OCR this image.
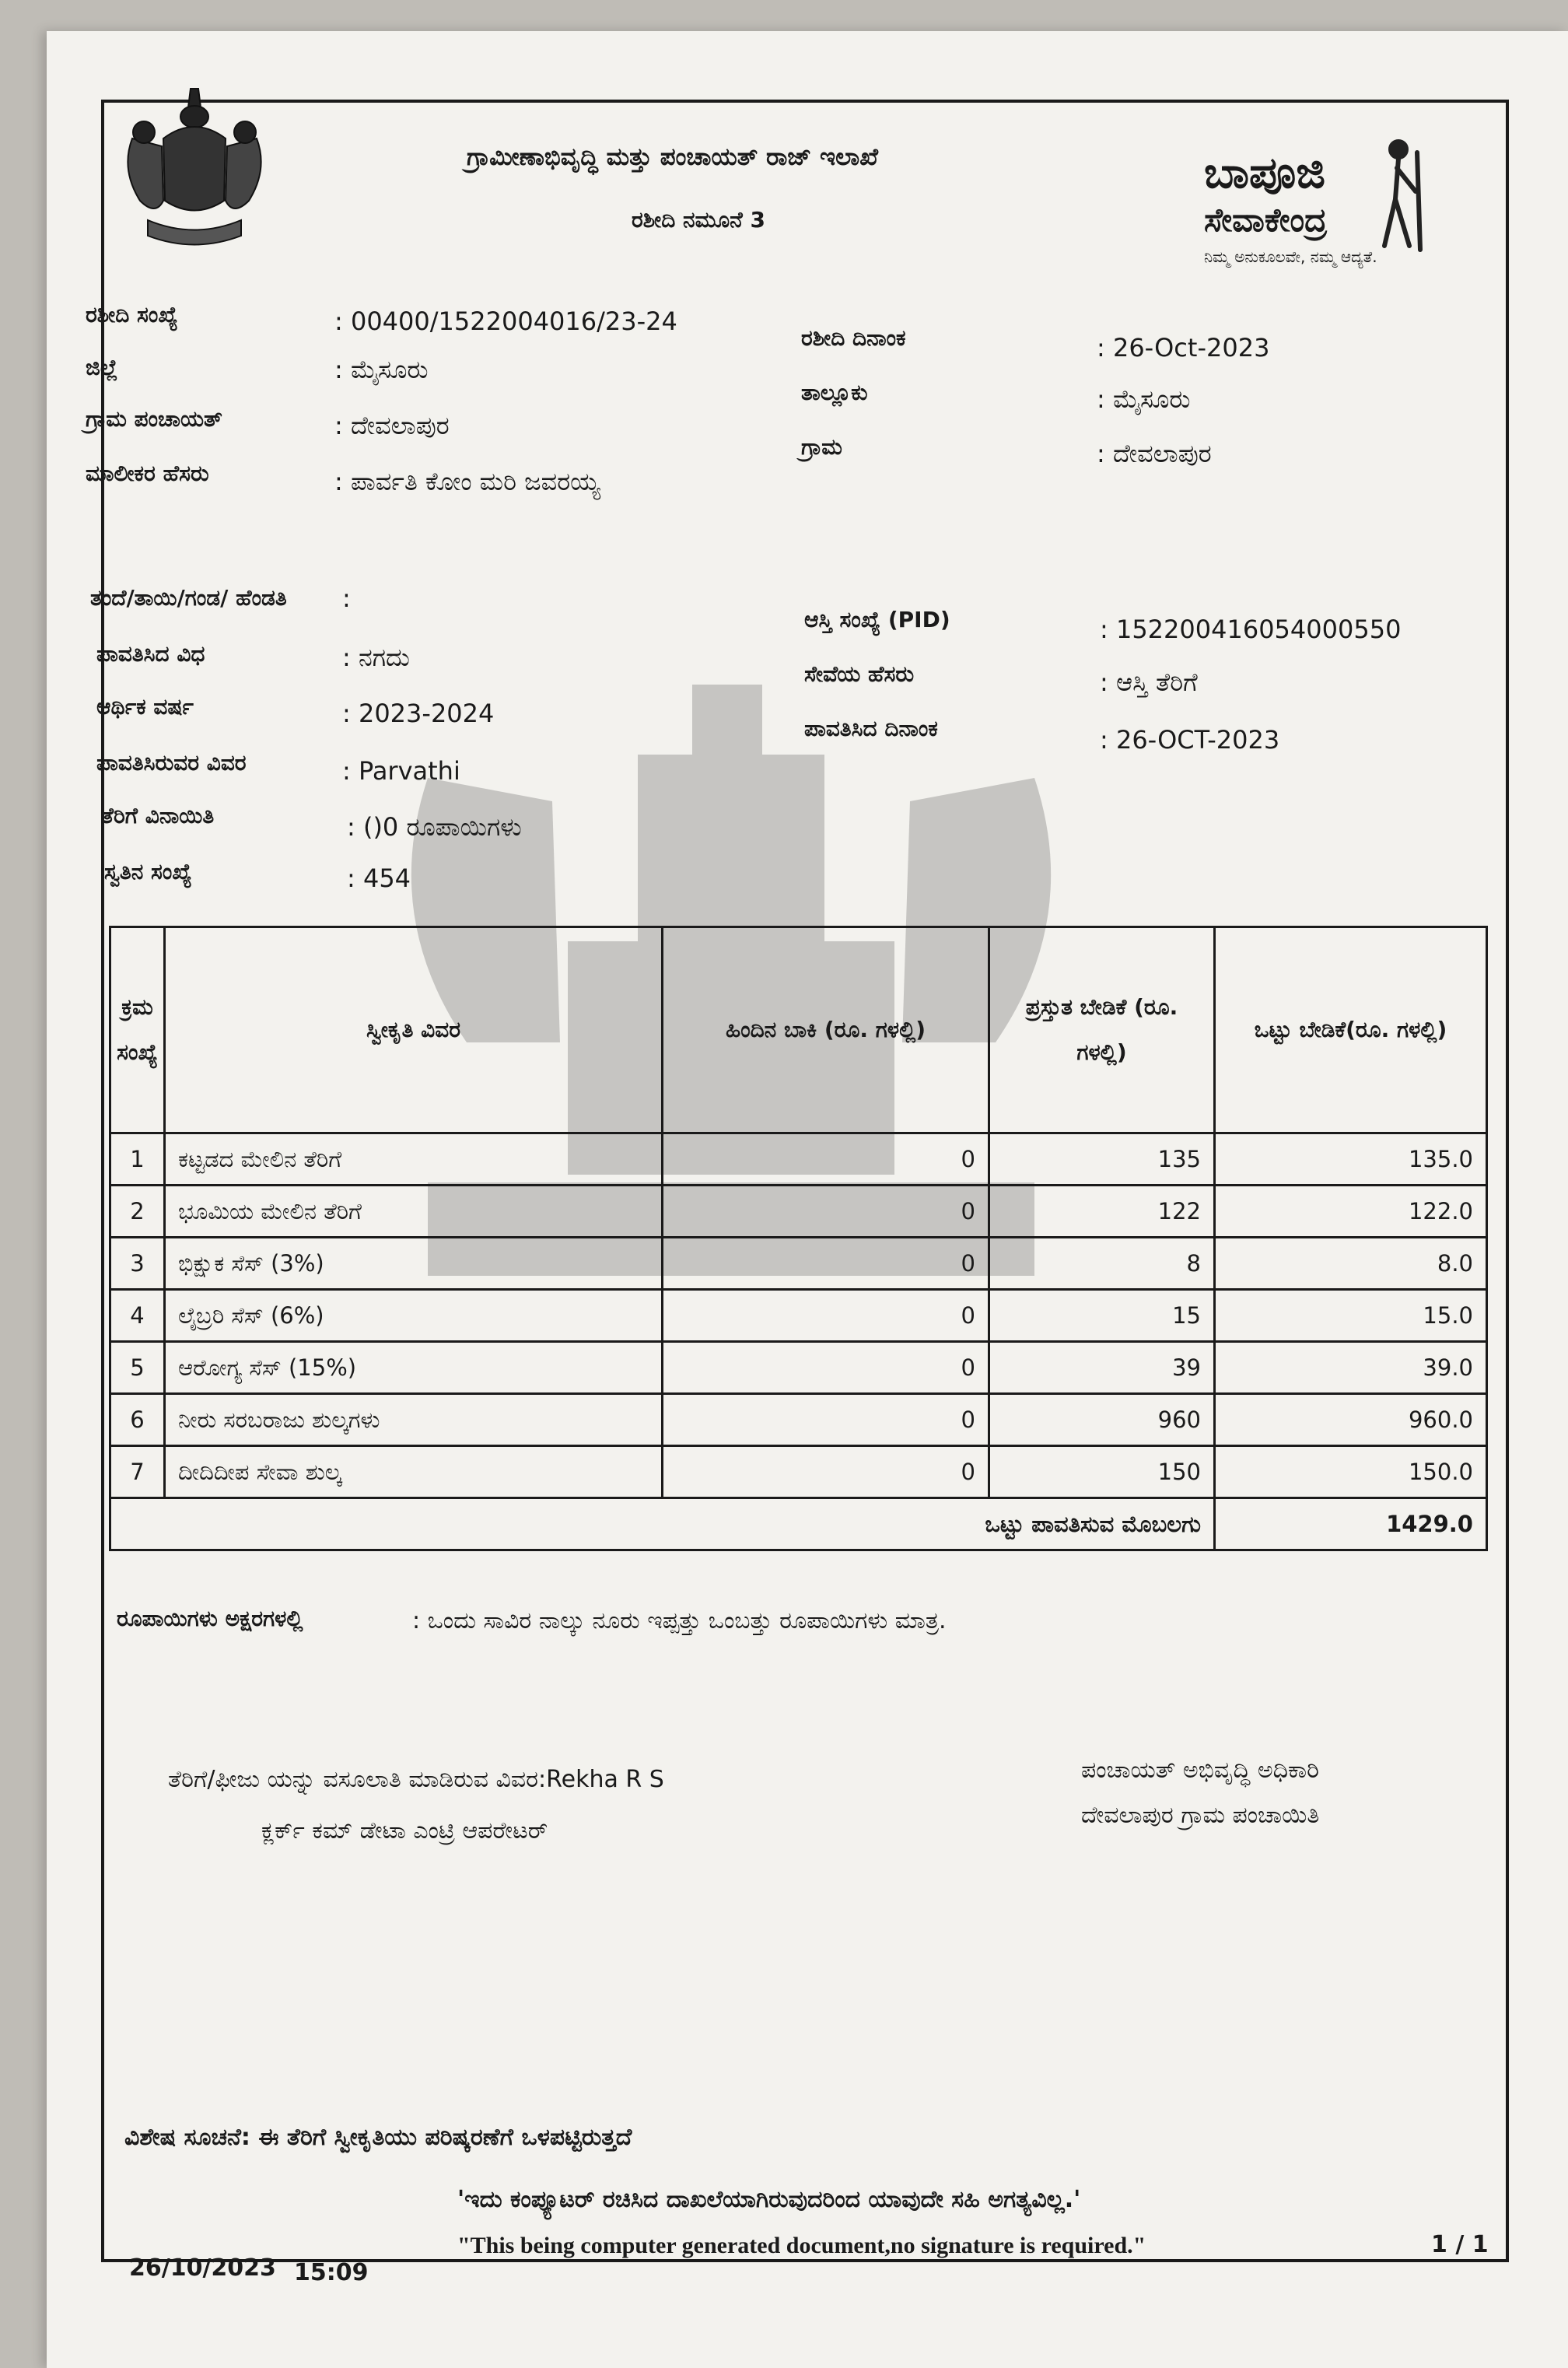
ಗ್ರಾಮೀಣಾಭಿವೃದ್ಧಿ ಮತ್ತು ಪಂಚಾಯತ್ ರಾಜ್ ಇಲಾಖೆ
ರಶೀದಿ ನಮೂನೆ 3
ಬಾಪೂಜಿ
ಸೇವಾಕೇಂದ್ರ
ನಿಮ್ಮ ಅನುಕೂಲವೇ, ನಮ್ಮ ಆದ್ಯತೆ.
ರಶೀದಿ ಸಂಖ್ಯೆ	: 00400/1522004016/23-24
ಜಿಲ್ಲೆ	: ಮೈಸೂರು
ಗ್ರಾಮ ಪಂಚಾಯತ್	: ದೇವಲಾಪುರ
ಮಾಲೀಕರ ಹೆಸರು	: ಪಾರ್ವತಿ ಕೋಂ ಮರಿ ಜವರಯ್ಯ
ತಂದೆ/ತಾಯಿ/ಗಂಡ/ ಹೆಂಡತಿ :
ಪಾವತಿಸಿದ ವಿಧ	: ನಗದು
ಆರ್ಥಿಕ ವರ್ಷ	: 2023-2024
ಪಾವತಿಸಿರುವರ ವಿವರ	: Parvathi
ತೆರಿಗೆ ವಿನಾಯಿತಿ	: ()0 ರೂಪಾಯಿಗಳು
ಸ್ವತಿನ ಸಂಖ್ಯೆ	: 454
ರಶೀದಿ ದಿನಾಂಕ	: 26-Oct-2023
ತಾಲ್ಲೂಕು	: ಮೈಸೂರು
ಗ್ರಾಮ	: ದೇವಲಾಪುರ
ಆಸ್ತಿ ಸಂಖ್ಯೆ (PID)	: 152200416054000550
ಸೇವೆಯ ಹೆಸರು	: ಆಸ್ತಿ ತೆರಿಗೆ
ಪಾವತಿಸಿದ ದಿನಾಂಕ	: 26-OCT-2023
ಕ್ರಮ ಸಂಖ್ಯೆ	ಸ್ವೀಕೃತಿ ವಿವರ	ಹಿಂದಿನ ಬಾಕಿ (ರೂ. ಗಳಲ್ಲಿ)	ಪ್ರಸ್ತುತ ಬೇಡಿಕೆ (ರೂ. ಗಳಲ್ಲಿ)	ಒಟ್ಟು ಬೇಡಿಕೆ(ರೂ. ಗಳಲ್ಲಿ)
1	ಕಟ್ಟಡದ ಮೇಲಿನ ತೆರಿಗೆ	0	135	135.0
2	ಭೂಮಿಯ ಮೇಲಿನ ತೆರಿಗೆ	0	122	122.0
3	ಭಿಕ್ಷುಕ ಸೆಸ್ (3%)	0	8	8.0
4	ಲೈಬ್ರರಿ ಸೆಸ್ (6%)	0	15	15.0
5	ಆರೋಗ್ಯ ಸೆಸ್ (15%)	0	39	39.0
6	ನೀರು ಸರಬರಾಜು ಶುಲ್ಕಗಳು	0	960	960.0
7	ದೀದಿದೀಪ ಸೇವಾ ಶುಲ್ಕ	0	150	150.0
ಒಟ್ಟು ಪಾವತಿಸುವ ಮೊಬಲಗು				1429.0
ರೂಪಾಯಿಗಳು ಅಕ್ಷರಗಳಲ್ಲಿ	: ಒಂದು ಸಾವಿರ ನಾಲ್ಕು ನೂರು ಇಪ್ಪತ್ತು ಒಂಬತ್ತು ರೂಪಾಯಿಗಳು ಮಾತ್ರ.
ತೆರಿಗೆ/ಫೀಜು ಯನ್ನು ವಸೂಲಾತಿ ಮಾಡಿರುವ ವಿವರ:Rekha R S
ಕ್ಲರ್ಕ್ ಕಮ್ ಡೇಟಾ ಎಂಟ್ರಿ ಆಪರೇಟರ್
ಪಂಚಾಯತ್ ಅಭಿವೃದ್ಧಿ ಅಧಿಕಾರಿ
ದೇವಲಾಪುರ ಗ್ರಾಮ ಪಂಚಾಯಿತಿ
ವಿಶೇಷ ಸೂಚನೆ: ಈ ತೆರಿಗೆ ಸ್ವೀಕೃತಿಯು ಪರಿಷ್ಕರಣೆಗೆ ಒಳಪಟ್ಟಿರುತ್ತದೆ
'ಇದು ಕಂಪ್ಯೂಟರ್ ರಚಿಸಿದ ದಾಖಲೆಯಾಗಿರುವುದರಿಂದ ಯಾವುದೇ ಸಹಿ ಅಗತ್ಯವಿಲ್ಲ.'
"This being computer generated document,no signature is required."
26/10/2023 15:09
1 / 1
